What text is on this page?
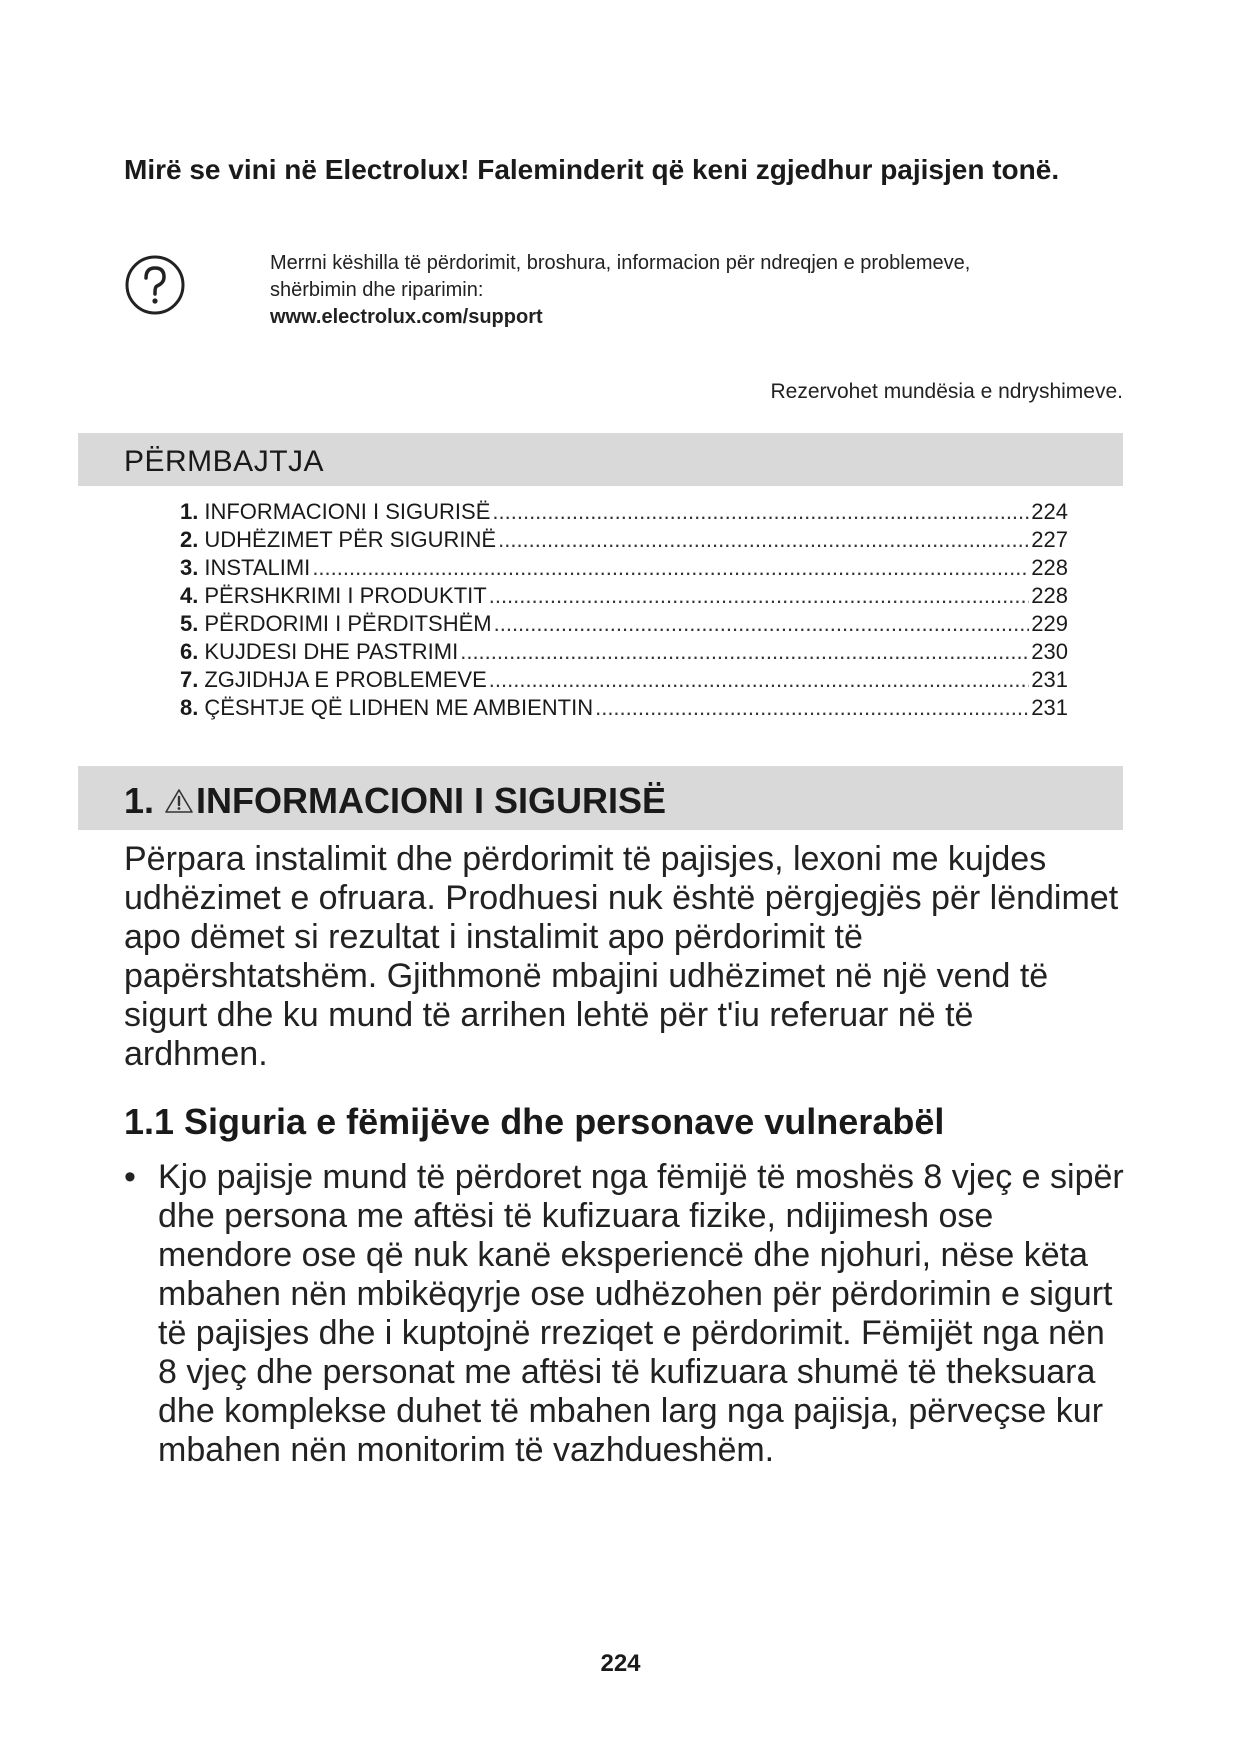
Mirë se vini në Electrolux! Faleminderit që keni zgjedhur pajisjen tonë.

Merrni këshilla të përdorimit, broshura, informacion për ndreqjen e problemeve,
shërbimin dhe riparimin:
www.electrolux.com/support
Rezervohet mundësia e ndryshimeve.
PËRMBAJTJA
1. INFORMACIONI I SIGURISË .....	224
2. UDHËZIMET PËR SIGURINË .....	227
3. INSTALIMI .....	228
4. PËRSHKRIMI I PRODUKTIT .....	228
5. PËRDORIMI I PËRDITSHËM .....	229
6. KUJDESI DHE PASTRIMI .....	230
7. ZGJIDHJA E PROBLEMEVE .....	231
8. ÇËSHTJE QË LIDHEN ME AMBIENTIN .....	231
1. INFORMACIONI I SIGURISË

Përpara instalimit dhe përdorimit të pajisjes, lexoni me kujdes udhëzimet e ofruara. Prodhuesi nuk është përgjegjës për lëndimet apo dëmet si rezultat i instalimit apo përdorimit të papërshtatshëm. Gjithmonë mbajini udhëzimet në një vend të sigurt dhe ku mund të arrihen lehtë për t'iu referuar në të ardhmen.

1.1 Siguria e fëmijëve dhe personave vulnerabël
• Kjo pajisje mund të përdoret nga fëmijë të moshës 8 vjeç e sipër dhe persona me aftësi të kufizuara fizike, ndijimesh ose mendore ose që nuk kanë eksperiencë dhe njohuri, nëse këta mbahen nën mbikëqyrje ose udhëzohen për përdorimin e sigurt të pajisjes dhe i kuptojnë rreziqet e përdorimit. Fëmijët nga nën 8 vjeç dhe personat me aftësi të kufizuara shumë të theksuara dhe komplekse duhet të mbahen larg nga pajisja, përveçse kur mbahen nën monitorim të vazhdueshëm.
224
